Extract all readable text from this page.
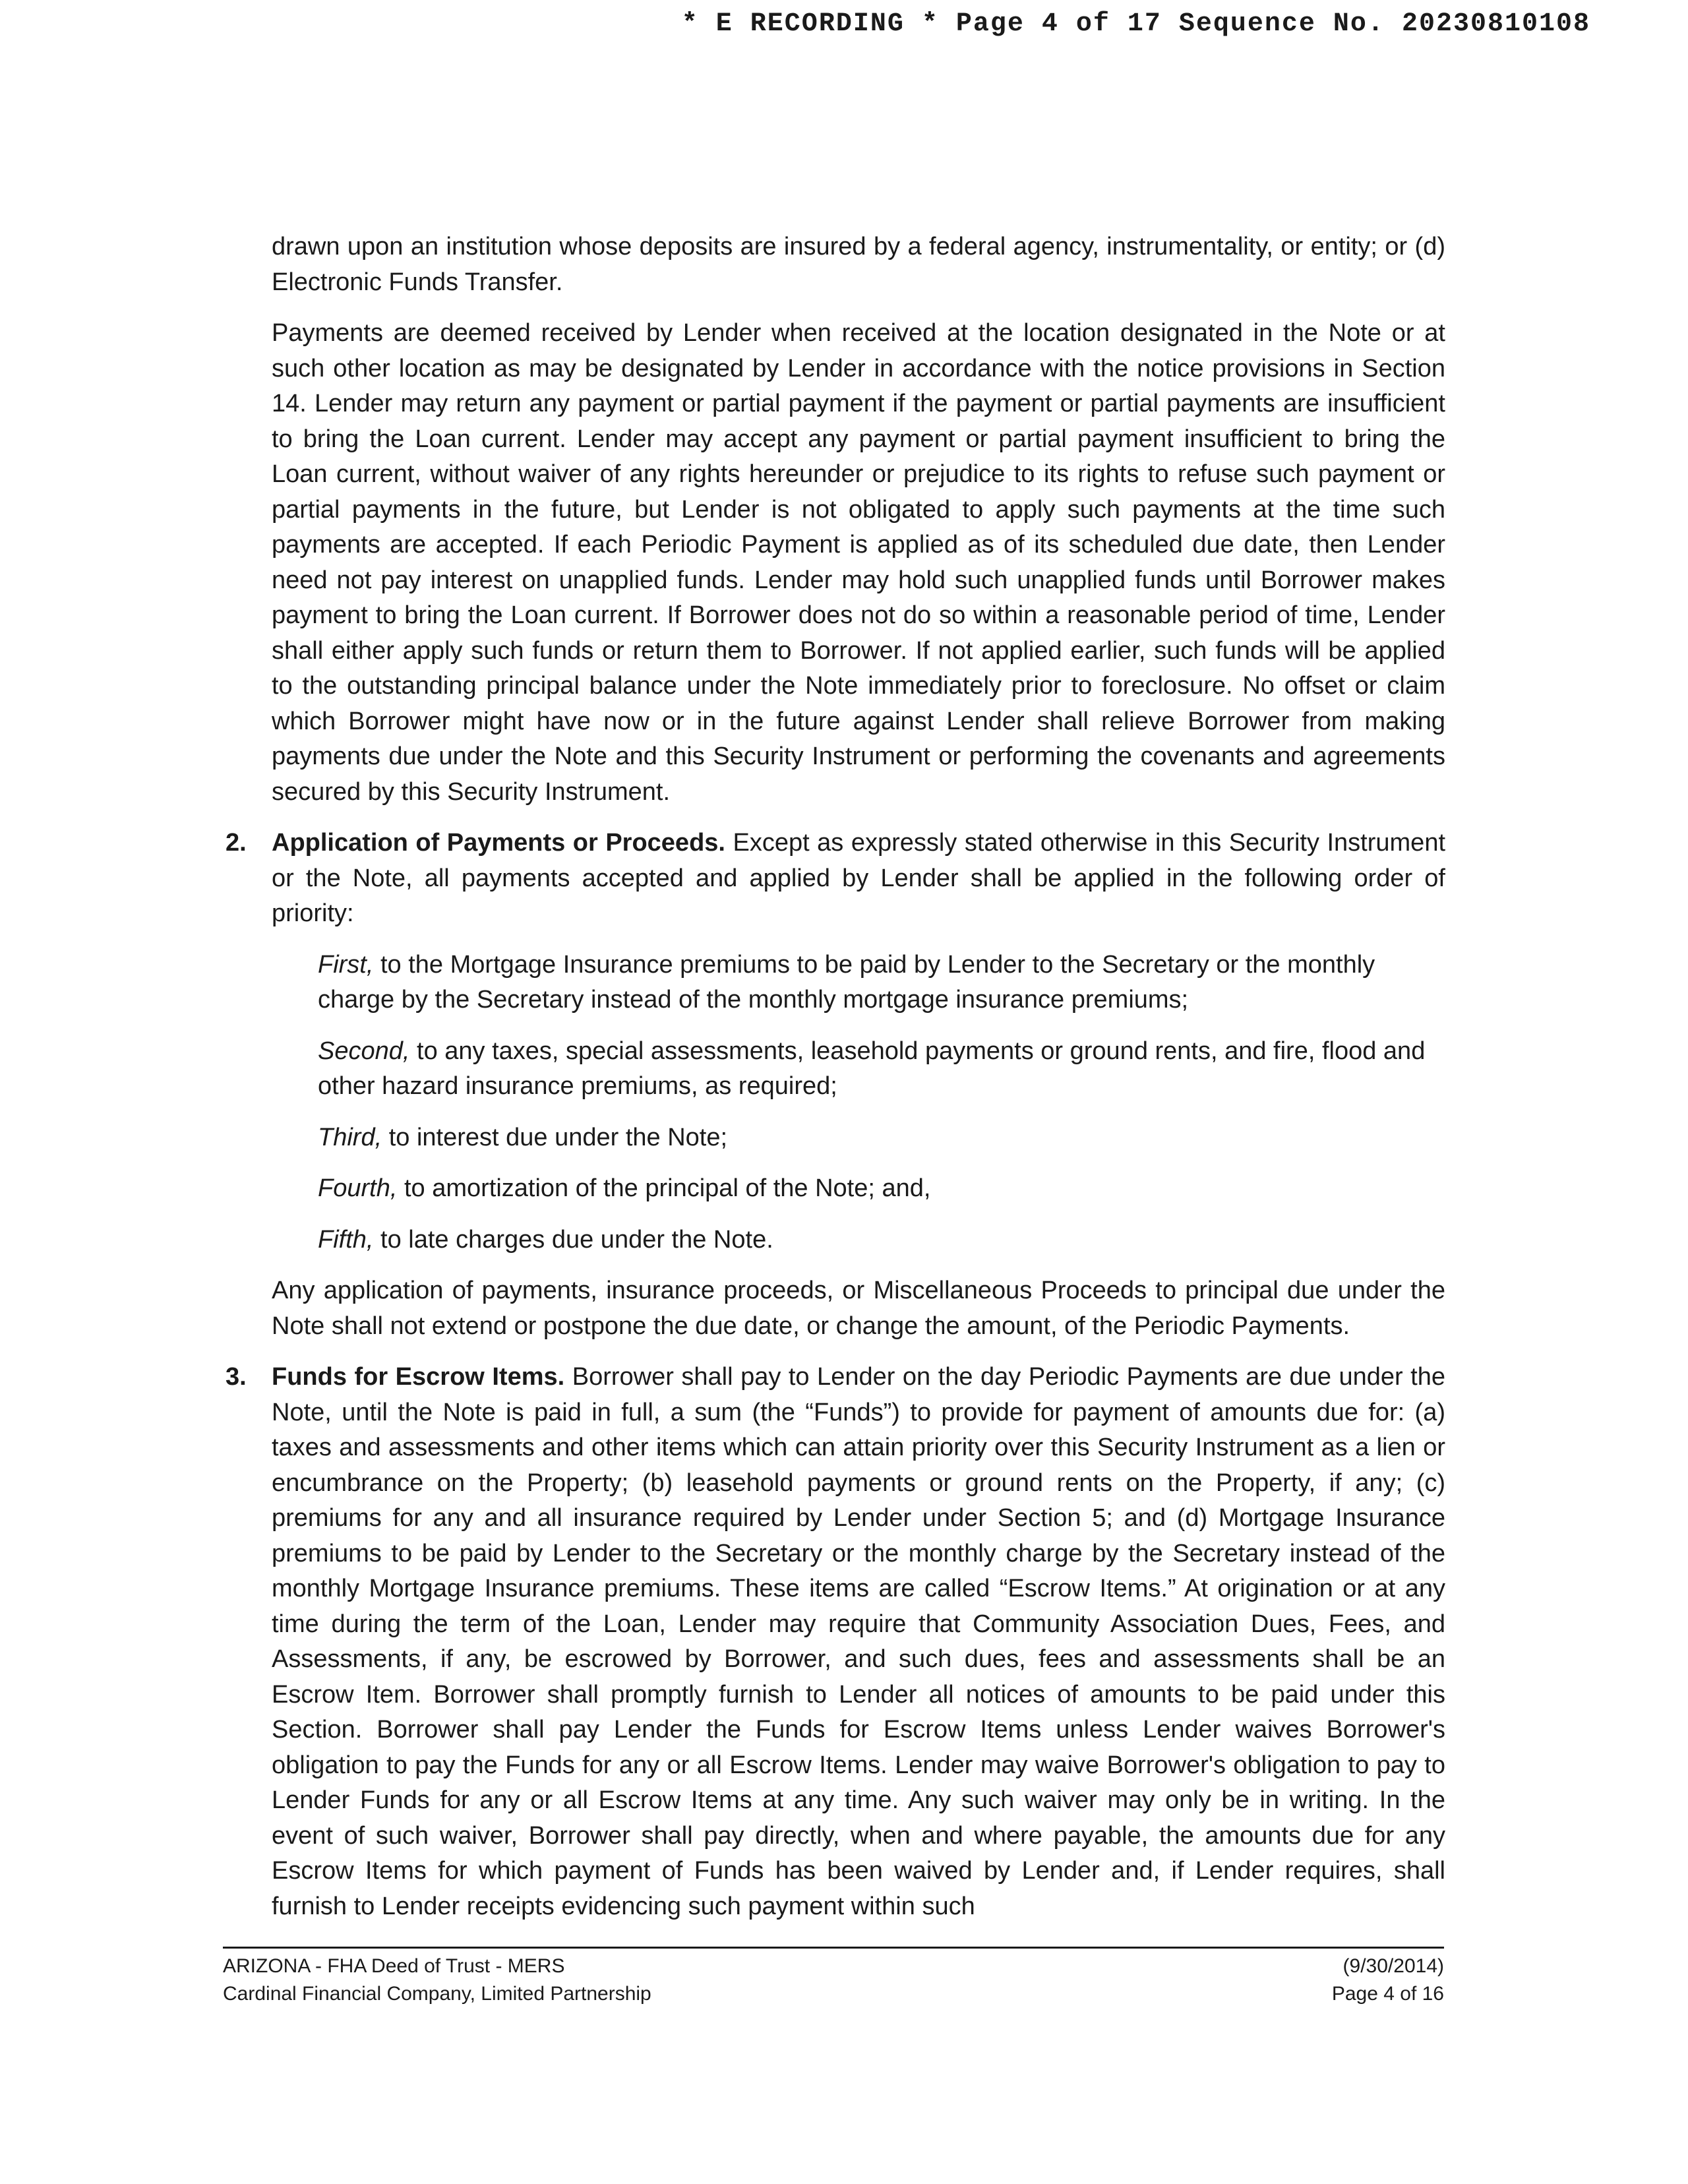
* E RECORDING * Page 4 of 17 Sequence No. 20230810108

drawn upon an institution whose deposits are insured by a federal agency, instrumentality, or entity; or (d) Electronic Funds Transfer.

Payments are deemed received by Lender when received at the location designated in the Note or at such other location as may be designated by Lender in accordance with the notice provisions in Section 14. Lender may return any payment or partial payment if the payment or partial payments are insufficient to bring the Loan current. Lender may accept any payment or partial payment insufficient to bring the Loan current, without waiver of any rights hereunder or prejudice to its rights to refuse such payment or partial payments in the future, but Lender is not obligated to apply such payments at the time such payments are accepted. If each Periodic Payment is applied as of its scheduled due date, then Lender need not pay interest on unapplied funds. Lender may hold such unapplied funds until Borrower makes payment to bring the Loan current. If Borrower does not do so within a reasonable period of time, Lender shall either apply such funds or return them to Borrower. If not applied earlier, such funds will be applied to the outstanding principal balance under the Note immediately prior to foreclosure. No offset or claim which Borrower might have now or in the future against Lender shall relieve Borrower from making payments due under the Note and this Security Instrument or performing the covenants and agreements secured by this Security Instrument.

2. Application of Payments or Proceeds. Except as expressly stated otherwise in this Security Instrument or the Note, all payments accepted and applied by Lender shall be applied in the following order of priority:

First, to the Mortgage Insurance premiums to be paid by Lender to the Secretary or the monthly charge by the Secretary instead of the monthly mortgage insurance premiums;

Second, to any taxes, special assessments, leasehold payments or ground rents, and fire, flood and other hazard insurance premiums, as required;

Third, to interest due under the Note;

Fourth, to amortization of the principal of the Note; and,

Fifth, to late charges due under the Note.

Any application of payments, insurance proceeds, or Miscellaneous Proceeds to principal due under the Note shall not extend or postpone the due date, or change the amount, of the Periodic Payments.

3. Funds for Escrow Items. Borrower shall pay to Lender on the day Periodic Payments are due under the Note, until the Note is paid in full, a sum (the “Funds”) to provide for payment of amounts due for: (a) taxes and assessments and other items which can attain priority over this Security Instrument as a lien or encumbrance on the Property; (b) leasehold payments or ground rents on the Property, if any; (c) premiums for any and all insurance required by Lender under Section 5; and (d) Mortgage Insurance premiums to be paid by Lender to the Secretary or the monthly charge by the Secretary instead of the monthly Mortgage Insurance premiums. These items are called “Escrow Items.” At origination or at any time during the term of the Loan, Lender may require that Community Association Dues, Fees, and Assessments, if any, be escrowed by Borrower, and such dues, fees and assessments shall be an Escrow Item. Borrower shall promptly furnish to Lender all notices of amounts to be paid under this Section. Borrower shall pay Lender the Funds for Escrow Items unless Lender waives Borrower's obligation to pay the Funds for any or all Escrow Items. Lender may waive Borrower's obligation to pay to Lender Funds for any or all Escrow Items at any time. Any such waiver may only be in writing. In the event of such waiver, Borrower shall pay directly, when and where payable, the amounts due for any Escrow Items for which payment of Funds has been waived by Lender and, if Lender requires, shall furnish to Lender receipts evidencing such payment within such

ARIZONA - FHA Deed of Trust - MERS	(9/30/2014)
Cardinal Financial Company, Limited Partnership	Page 4 of 16
